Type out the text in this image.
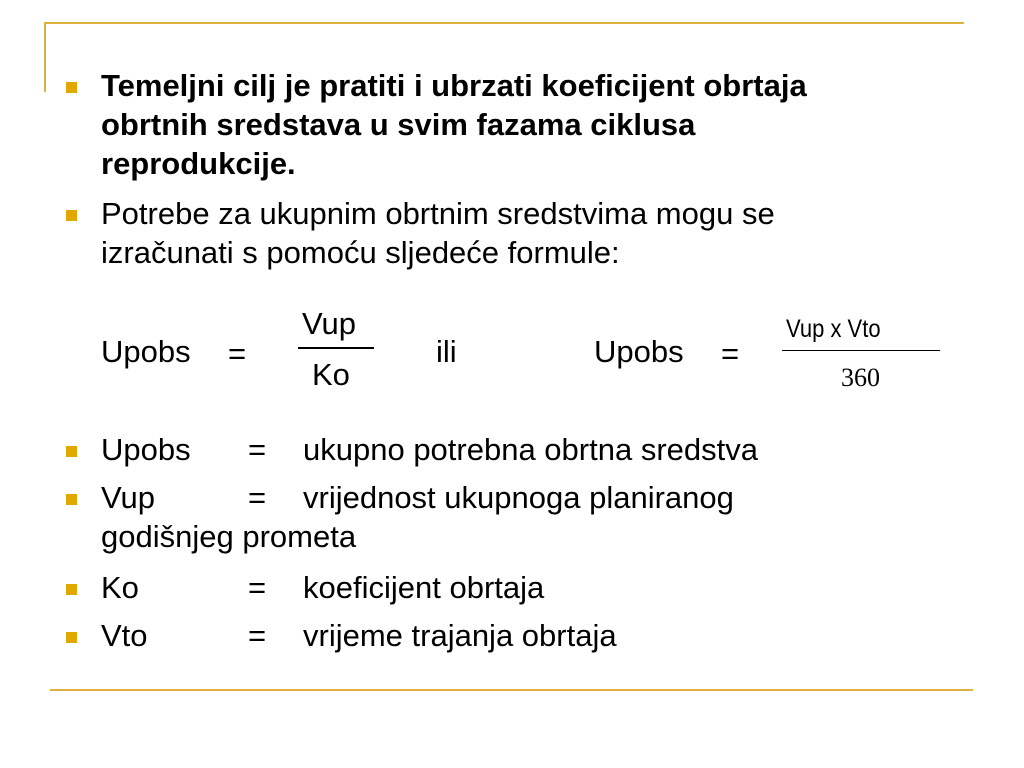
Temeljni cilj je pratiti i ubrzati koeficijent obrtaja
obrtnih sredstava u svim fazama ciklusa
reprodukcije.
Potrebe za ukupnim obrtnim sredstvima mogu se
izračunati s pomoću sljedeće formule:
Upobs =
Vup
Ko
ili	Upobs =
Vup x Vto
360
Upobs = ukupno potrebna obrtna sredstva
Vup	= vrijednost ukupnoga planiranog
godišnjeg prometa
Ko	= koeficijent obrtaja
Vto	= vrijeme trajanja obrtaja
